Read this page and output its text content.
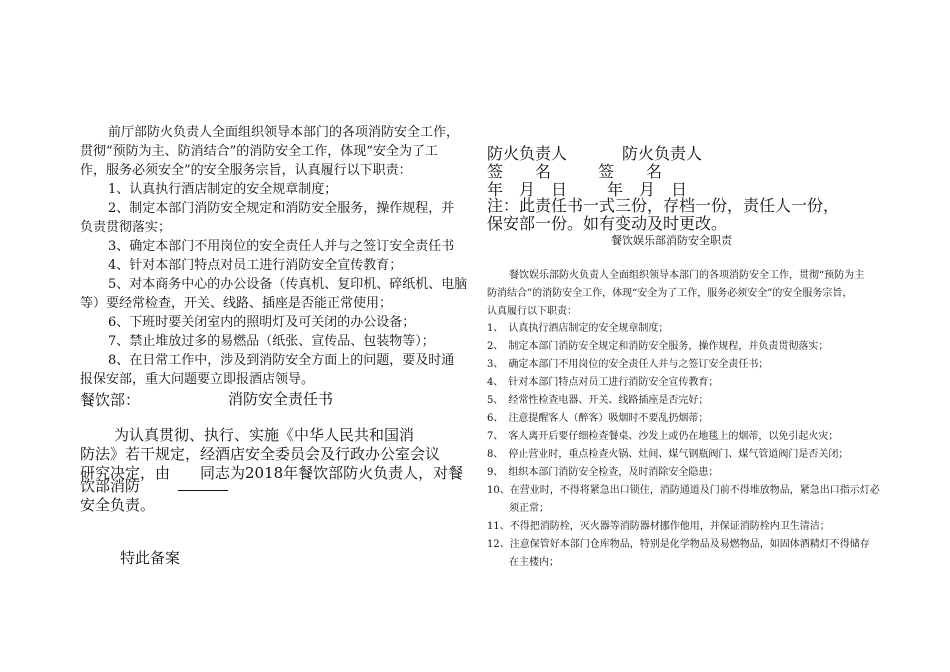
前厅部防火负责人全面组织领导本部门的各项消防安全工作，
贯彻“预防为主、防消结合”的消防安全工作，体现“安全为了工
作，服务必须安全”的安全服务宗旨，认真履行以下职责：
1、认真执行酒店制定的安全规章制度；
2、制定本部门消防安全规定和消防安全服务，操作规程，并
负责贯彻落实；
3、确定本部门不用岗位的安全责任人并与之签订安全责任书
4、针对本部门特点对员工进行消防安全宣传教育；
5、对本商务中心的办公设备（传真机、复印机、碎纸机、电脑
等）要经常检查，开关、线路、插座是否能正常使用；
6、下班时要关闭室内的照明灯及可关闭的办公设备；
7、禁止堆放过多的易燃品（纸张、宣传品、包装物等）；
8、在日常工作中，涉及到消防安全方面上的问题，要及时通
报保安部，重大问题要立即报酒店领导。
餐饮部：	消防安全责任书
为认真贯彻、执行、实施《中华人民共和国消
防法》若干规定，经酒店安全委员会及行政办公室会议
研究决定，由　　同志为2018年餐饮部防火负责人，对餐
饮部消防
安全负责。
特此备案
防火负责人	防火负责人
签　　名	签　　名
年　月　日 年　月　日
注：此责任书一式三份，存档一份，责任人一份，
保安部一份。如有变动及时更改。
餐饮娱乐部消防安全职责
餐饮娱乐部防火负责人全面组织领导本部门的各项消防安全工作，贯彻“预防为主
防消结合”的消防安全工作，体现“安全为了工作，服务必须安全”的安全服务宗旨，
认真履行以下职责：
1、　认真执行酒店制定的安全规章制度；
2、　制定本部门消防安全规定和消防安全服务，操作规程，并负责贯彻落实；
3、　确定本部门不用岗位的安全责任人并与之签订安全责任书；
4、　针对本部门特点对员工进行消防安全宣传教育；
5、　经常性检查电器、开关、线路插座是否完好；
6、　注意提醒客人（醉客）吸烟时不要乱扔烟蒂；
7、　客人离开后要仔细检查餐桌、沙发上或仍在地毯上的烟蒂，以免引起火灾；
8、　停止营业时，重点检查火锅、灶间、煤气钢瓶阀门、煤气管道阀门是否关闭；
9、　组织本部门消防安全检查，及时消除安全隐患；
10、在营业时，不得将紧急出口锁住，消防通道及门前不得堆放物品，紧急出口指示灯必
须正常；
11、不得把消防栓，灭火器等消防器材挪作他用，并保证消防栓内卫生清洁；
12、注意保管好本部门仓库物品，特别是化学物品及易燃物品，如固体酒精灯不得储存
在主楼内；
